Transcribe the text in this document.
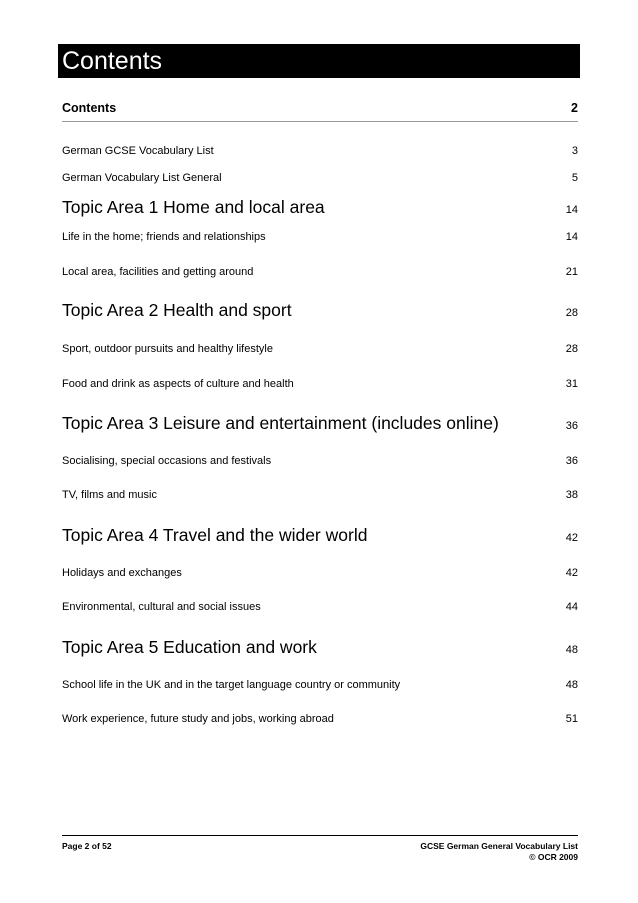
Contents
Contents	2
German GCSE Vocabulary List	3
German Vocabulary List General	5
Topic Area 1 Home and local area	14
Life in the home; friends and relationships	14
Local area, facilities and getting around	21
Topic Area 2 Health and sport	28
Sport, outdoor pursuits and healthy lifestyle	28
Food and drink as aspects of culture and health	31
Topic Area 3 Leisure and entertainment (includes online)	36
Socialising, special occasions and festivals	36
TV, films and music	38
Topic Area 4 Travel and the wider world	42
Holidays and exchanges	42
Environmental, cultural and social issues	44
Topic Area 5 Education and work	48
School life in the UK and in the target language country or community	48
Work experience, future study and jobs, working abroad	51
Page 2 of 52	GCSE German General Vocabulary List
© OCR 2009
